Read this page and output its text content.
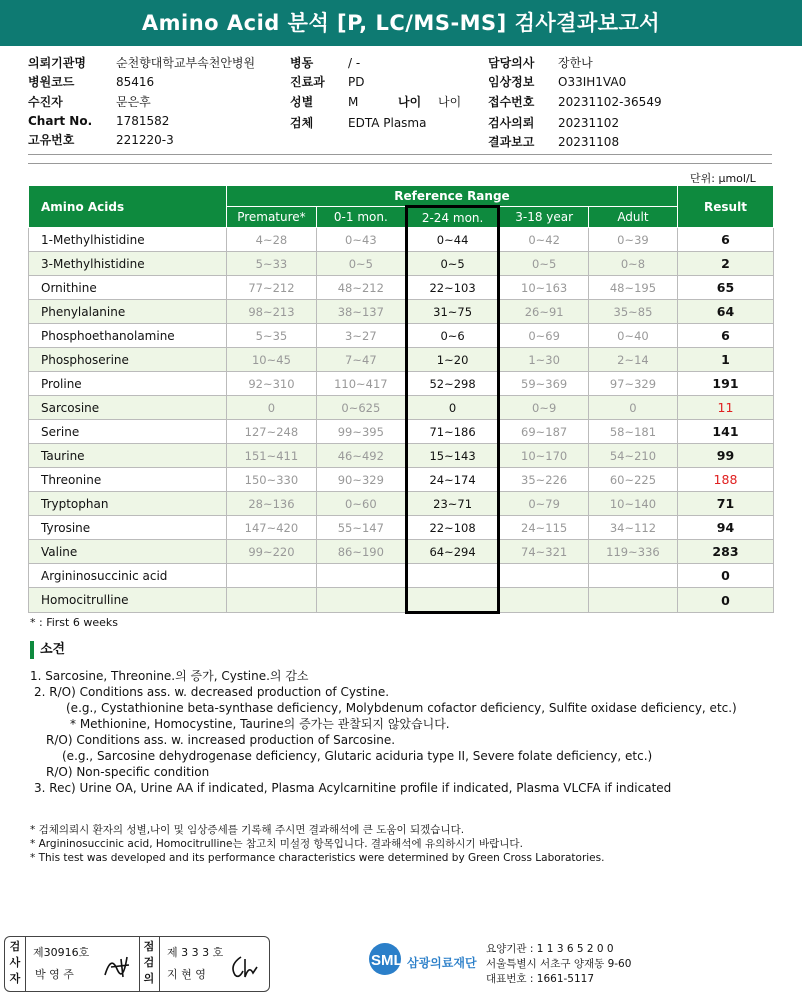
Amino Acid 분석 [P, LC/MS-MS] 검사결과보고서
의뢰기관명	순천향대학교부속천안병원
병원코드	85416
수진자	문은후
Chart No. 1781582
고유번호	221220-3
병동	/ -
진료과 PD
성별	M
검체	EDTA Plasma
나이 나이
담당의사 장한나
임상정보 O33IH1VA0
접수번호 20231102-36549
검사의뢰 20231102
결과보고 20231108
단위: μmol/L
Amino Acids	Reference Range					Result
	Premature*	0-1 mon.	2-24 mon.	3-18 year	Adult	
1-Methylhistidine	4~28	0~43	0~44	0~42	0~39	6
3-Methylhistidine	5~33	0~5	0~5	0~5	0~8	2
Ornithine	77~212	48~212	22~103	10~163	48~195	65
Phenylalanine	98~213	38~137	31~75	26~91	35~85	64
Phosphoethanolamine	5~35	3~27	0~6	0~69	0~40	6
Phosphoserine	10~45	7~47	1~20	1~30	2~14	1
Proline	92~310	110~417	52~298	59~369	97~329	191
Sarcosine	0	0~625	0	0~9	0	11
Serine	127~248	99~395	71~186	69~187	58~181	141
Taurine	151~411	46~492	15~143	10~170	54~210	99
Threonine	150~330	90~329	24~174	35~226	60~225	188
Tryptophan	28~136	0~60	23~71	0~79	10~140	71
Tyrosine	147~420	55~147	22~108	24~115	34~112	94
Valine	99~220	86~190	64~294	74~321	119~336	283
Argininosuccinic acid						0
Homocitrulline						0
* : First 6 weeks
소견
1. Sarcosine, Threonine.의 증가, Cystine.의 감소
2. R/O) Conditions ass. w. decreased production of Cystine.
(e.g., Cystathionine beta-synthase deficiency, Molybdenum cofactor deficiency, Sulfite oxidase deficiency, etc.)
* Methionine, Homocystine, Taurine의 증가는 관찰되지 않았습니다.
R/O) Conditions ass. w. increased production of Sarcosine.
(e.g., Sarcosine dehydrogenase deficiency, Glutaric aciduria type II, Severe folate deficiency, etc.)
R/O) Non-specific condition
3. Rec) Urine OA, Urine AA if indicated, Plasma Acylcarnitine profile if indicated, Plasma VLCFA if indicated
* 검체의뢰시 환자의 성별,나이 및 임상증세를 기록해 주시면 결과해석에 큰 도움이 되겠습니다.
* Argininosuccinic acid, Homocitrulline는 참고치 미설정 항목입니다. 결과해석에 유의하시기 바랍니다.
* This test was developed and its performance characteristics were determined by Green Cross Laboratories.
검
사
자
제30916호
박 영 주
점
검
의
제 3 3 3 호
지 현 영
SML 삼광의료재단
요양기관 : 1 1 3 6 5 2 0 0
서울특별시 서초구 양재동 9-60
대표번호 : 1661-5117
